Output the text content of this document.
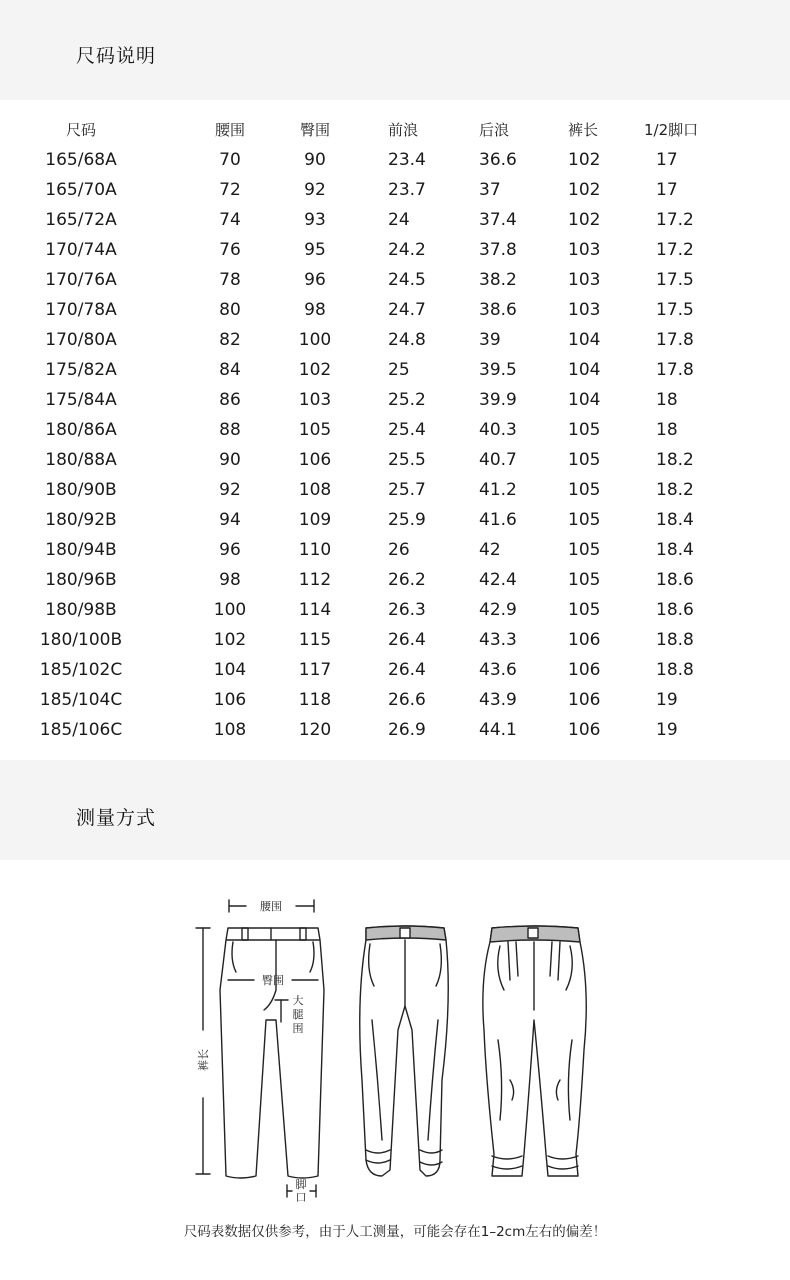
尺码说明
尺码	腰围	臀围	前浪	后浪	裤长	1/2脚口
165/68A	70	90	23.4	36.6	102	17
165/70A	72	92	23.7	37	102	17
165/72A	74	93	24	37.4	102	17.2
170/74A	76	95	24.2	37.8	103	17.2
170/76A	78	96	24.5	38.2	103	17.5
170/78A	80	98	24.7	38.6	103	17.5
170/80A	82	100	24.8	39	104	17.8
175/82A	84	102	25	39.5	104	17.8
175/84A	86	103	25.2	39.9	104	18
180/86A	88	105	25.4	40.3	105	18
180/88A	90	106	25.5	40.7	105	18.2
180/90B	92	108	25.7	41.2	105	18.2
180/92B	94	109	25.9	41.6	105	18.4
180/94B	96	110	26	42	105	18.4
180/96B	98	112	26.2	42.4	105	18.6
180/98B	100	114	26.3	42.9	105	18.6
180/100B	102	115	26.4	43.3	106	18.8
185/102C	104	117	26.4	43.6	106	18.8
185/104C	106	118	26.6	43.9	106	19
185/106C	108	120	26.9	44.1	106	19
测量方式
腰围
臀围
大
腿
围
裤长
脚
口
尺码表数据仅供参考，由于人工测量，可能会存在1–2cm左右的偏差！
